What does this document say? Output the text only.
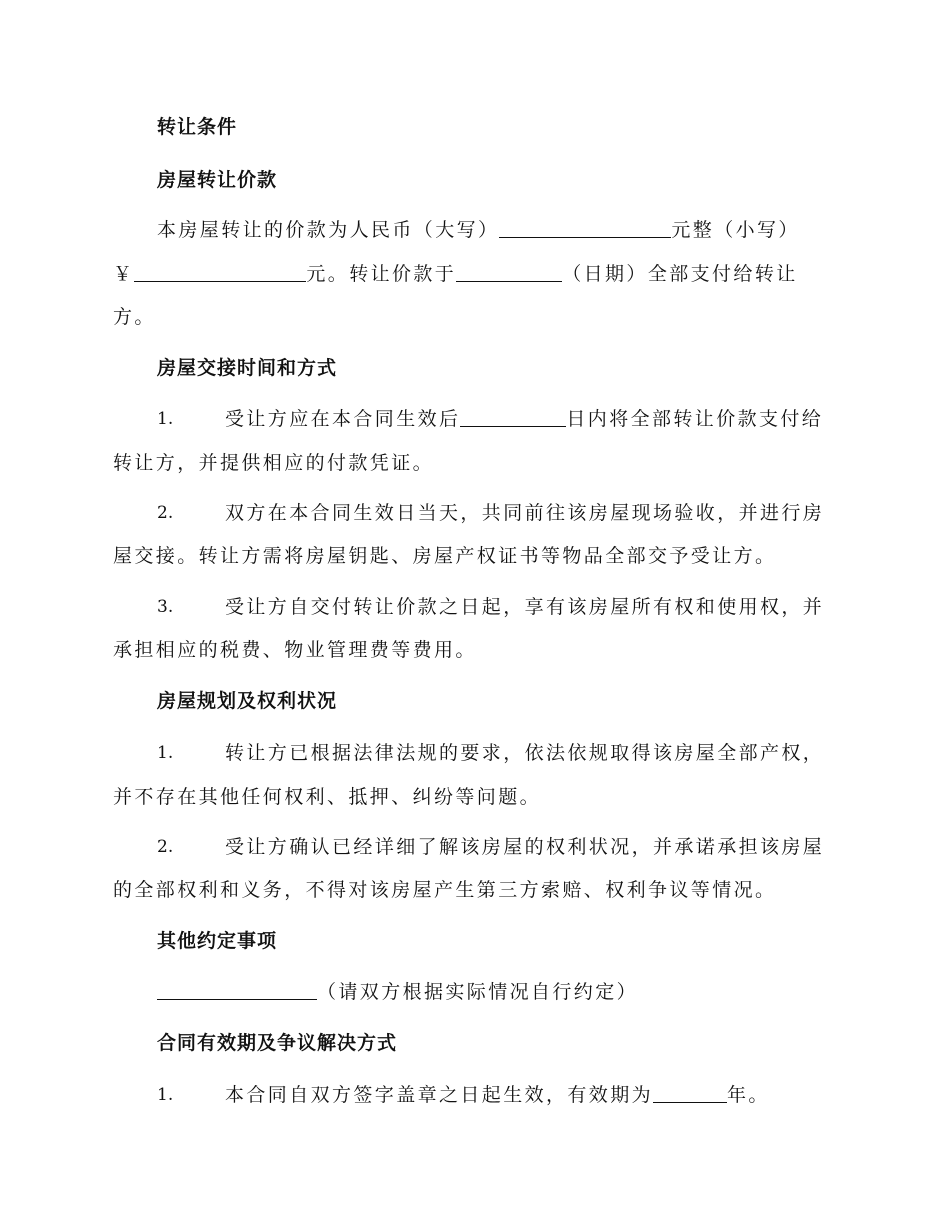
转让条件
房屋转让价款
本房屋转让的价款为人民币（大写）	元整（小写）
￥	元。转让价款于	（日期）全部支付给转让
方。
房屋交接时间和方式
1.	受让方应在本合同生效后	日内将全部转让价款支付给
转让方，并提供相应的付款凭证。
2.	双方在本合同生效日当天，共同前往该房屋现场验收，并进行房
屋交接。转让方需将房屋钥匙、房屋产权证书等物品全部交予受让方。
3.	受让方自交付转让价款之日起，享有该房屋所有权和使用权，并
承担相应的税费、物业管理费等费用。
房屋规划及权利状况
1.	转让方已根据法律法规的要求，依法依规取得该房屋全部产权，
并不存在其他任何权利、抵押、纠纷等问题。
2.	受让方确认已经详细了解该房屋的权利状况，并承诺承担该房屋
的全部权利和义务，不得对该房屋产生第三方索赔、权利争议等情况。
其他约定事项
（请双方根据实际情况自行约定）
合同有效期及争议解决方式
1.	本合同自双方签字盖章之日起生效，有效期为	年。
